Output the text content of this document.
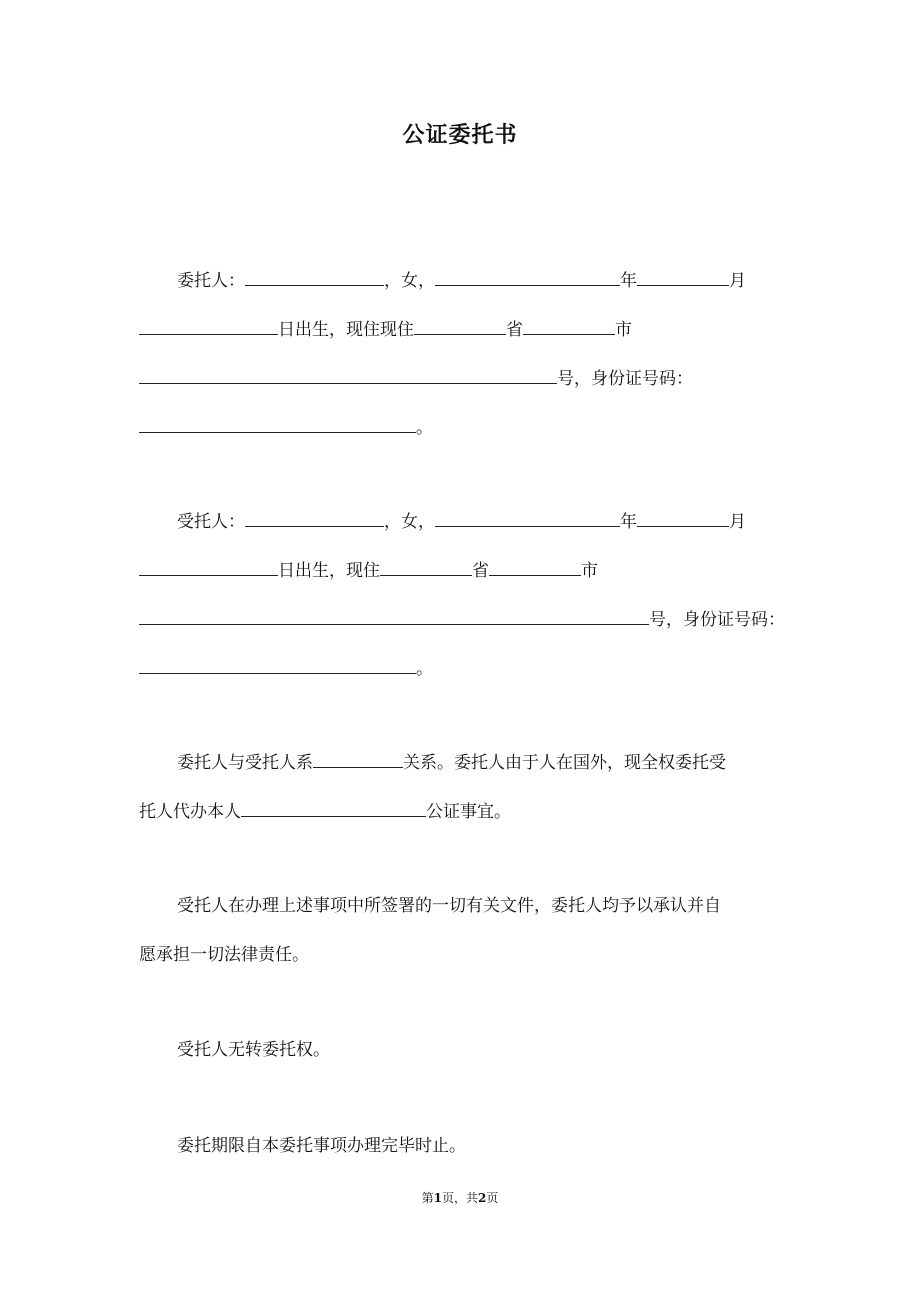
公证委托书
委托人：	，女，	年	月
日出生，现住现住	省	市
号，身份证号码：
。
受托人：	，女，	年	月
日出生，现住	省	市
号，身份证号码：
。
委托人与受托人系	关系。委托人由于人在国外，现全权委托受
托人代办本人	公证事宜。
受托人在办理上述事项中所签署的一切有关文件，委托人均予以承认并自
愿承担一切法律责任。
受托人无转委托权。
委托期限自本委托事项办理完毕时止。
第1页，共2页
